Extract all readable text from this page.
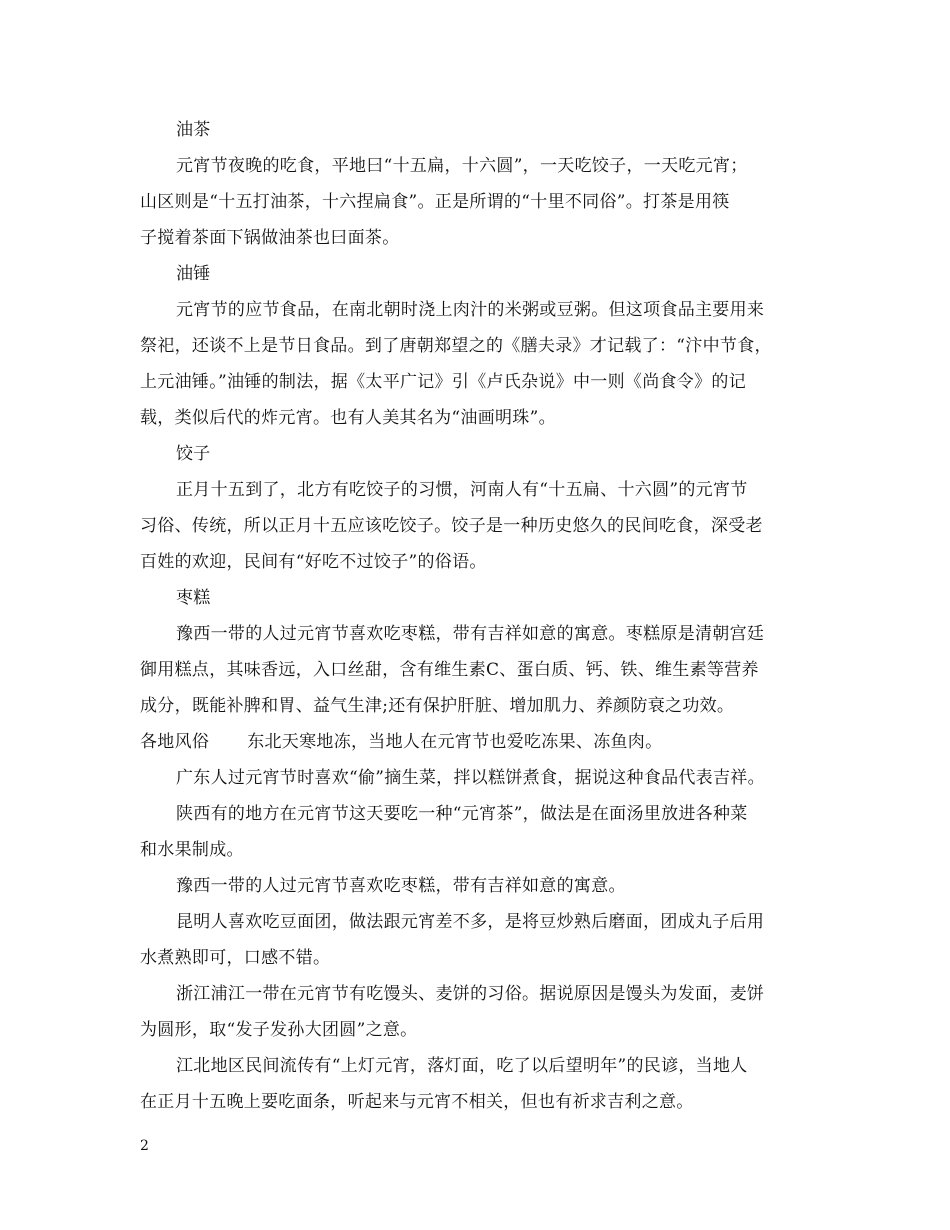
油茶
元宵节夜晚的吃食，平地曰“十五扁，十六圆”，一天吃饺子，一天吃元宵；
山区则是“十五打油茶，十六捏扁食”。正是所谓的“十里不同俗”。打茶是用筷
子搅着茶面下锅做油茶也曰面茶。
油锤
元宵节的应节食品，在南北朝时浇上肉汁的米粥或豆粥。但这项食品主要用来
祭祀，还谈不上是节日食品。到了唐朝郑望之的《膳夫录》才记载了：“汴中节食，
上元油锤。”油锤的制法，据《太平广记》引《卢氏杂说》中一则《尚食令》的记
载，类似后代的炸元宵。也有人美其名为“油画明珠”。
饺子
正月十五到了，北方有吃饺子的习惯，河南人有“十五扁、十六圆”的元宵节
习俗、传统，所以正月十五应该吃饺子。饺子是一种历史悠久的民间吃食，深受老
百姓的欢迎，民间有“好吃不过饺子”的俗语。
枣糕
豫西一带的人过元宵节喜欢吃枣糕，带有吉祥如意的寓意。枣糕原是清朝宫廷
御用糕点，其味香远，入口丝甜，含有维生素C、蛋白质、钙、铁、维生素等营养
成分，既能补脾和胃、益气生津;还有保护肝脏、增加肌力、养颜防衰之功效。
各地风俗 东北天寒地冻，当地人在元宵节也爱吃冻果、冻鱼肉。
广东人过元宵节时喜欢“偷”摘生菜，拌以糕饼煮食，据说这种食品代表吉祥。
陕西有的地方在元宵节这天要吃一种“元宵茶”，做法是在面汤里放进各种菜
和水果制成。
豫西一带的人过元宵节喜欢吃枣糕，带有吉祥如意的寓意。
昆明人喜欢吃豆面团，做法跟元宵差不多，是将豆炒熟后磨面，团成丸子后用
水煮熟即可，口感不错。
浙江浦江一带在元宵节有吃馒头、麦饼的习俗。据说原因是馒头为发面，麦饼
为圆形，取“发子发孙大团圆”之意。
江北地区民间流传有“上灯元宵，落灯面，吃了以后望明年”的民谚，当地人
在正月十五晚上要吃面条，听起来与元宵不相关，但也有祈求吉利之意。
2
